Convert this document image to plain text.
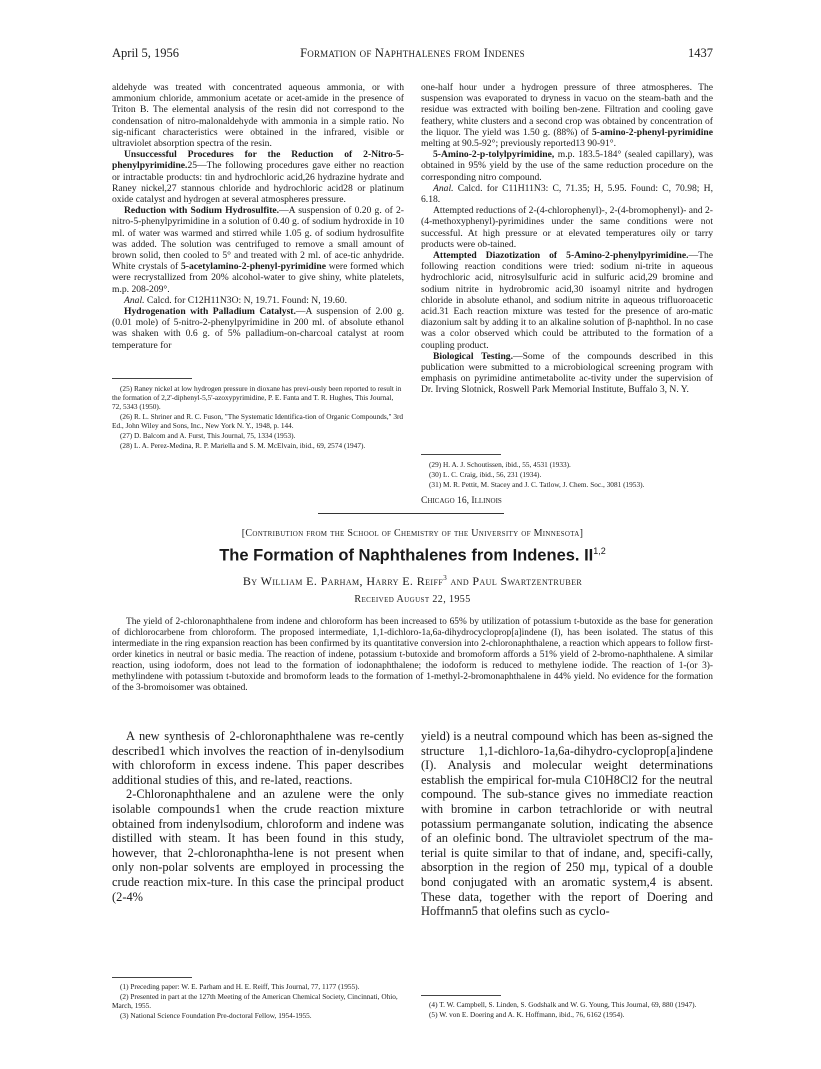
April 5, 1956	Formation of Naphthalenes from Indenes	1437

aldehyde was treated with concentrated aqueous ammonia, or with ammonium chloride, ammonium acetate or acet-amide in the presence of Triton B. The elemental analysis of the resin did not correspond to the condensation of nitro-malonaldehyde with ammonia in a simple ratio. No sig-nificant characteristics were obtained in the infrared, visible or ultraviolet absorption spectra of the resin.

Unsuccessful Procedures for the Reduction of 2-Nitro-5-phenylpyrimidine.25—The following procedures gave either no reaction or intractable products: tin and hydrochloric acid,26 hydrazine hydrate and Raney nickel,27 stannous chloride and hydrochloric acid28 or platinum oxide catalyst and hydrogen at several atmospheres pressure.

Reduction with Sodium Hydrosulfite.—A suspension of 0.20 g. of 2-nitro-5-phenylpyrimidine in a solution of 0.40 g. of sodium hydroxide in 10 ml. of water was warmed and stirred while 1.05 g. of sodium hydrosulfite was added. The solution was centrifuged to remove a small amount of brown solid, then cooled to 5° and treated with 2 ml. of ace-tic anhydride. White crystals of 5-acetylamino-2-phenyl-pyrimidine were formed which were recrystallized from 20% alcohol-water to give shiny, white platelets, m.p. 208-209°.

Anal. Calcd. for C12H11N3O: N, 19.71. Found: N, 19.60.

Hydrogenation with Palladium Catalyst.—A suspension of 2.00 g. (0.01 mole) of 5-nitro-2-phenylpyrimidine in 200 ml. of absolute ethanol was shaken with 0.6 g. of 5% palladium-on-charcoal catalyst at room temperature for

(25) Raney nickel at low hydrogen pressure in dioxane has previ-ously been reported to result in the formation of 2,2'-diphenyl-5,5'-azoxypyrimidine, P. E. Fanta and T. R. Hughes, This Journal, 72, 5343 (1950).

(26) R. L. Shriner and R. C. Fuson, "The Systematic Identifica-tion of Organic Compounds," 3rd Ed., John Wiley and Sons, Inc., New York N. Y., 1948, p. 144.

(27) D. Balcom and A. Furst, This Journal, 75, 1334 (1953).

(28) L. A. Perez-Medina, R. P. Mariella and S. M. McElvain, ibid., 69, 2574 (1947).

one-half hour under a hydrogen pressure of three atmospheres. The suspension was evaporated to dryness in vacuo on the steam-bath and the residue was extracted with boiling ben-zene. Filtration and cooling gave feathery, white clusters and a second crop was obtained by concentration of the liquor. The yield was 1.50 g. (88%) of 5-amino-2-phenyl-pyrimidine melting at 90.5-92°; previously reported13 90-91°.

5-Amino-2-p-tolylpyrimidine, m.p. 183.5-184° (sealed capillary), was obtained in 95% yield by the use of the same reduction procedure on the corresponding nitro compound.

Anal. Calcd. for C11H11N3: C, 71.35; H, 5.95. Found: C, 70.98; H, 6.18.

Attempted reductions of 2-(4-chlorophenyl)-, 2-(4-bromophenyl)- and 2-(4-methoxyphenyl)-pyrimidines under the same conditions were not successful. At high pressure or at elevated temperatures oily or tarry products were ob-tained.

Attempted Diazotization of 5-Amino-2-phenylpyrimidine.—The following reaction conditions were tried: sodium ni-trite in aqueous hydrochloric acid, nitrosylsulfuric acid in sulfuric acid,29 bromine and sodium nitrite in hydrobromic acid,30 isoamyl nitrite and hydrogen chloride in absolute ethanol, and sodium nitrite in aqueous trifluoroacetic acid.31 Each reaction mixture was tested for the presence of aro-matic diazonium salt by adding it to an alkaline solution of β-naphthol. In no case was a color observed which could be attributed to the formation of a coupling product.

Biological Testing.—Some of the compounds described in this publication were submitted to a microbiological screening program with emphasis on pyrimidine antimetabolite ac-tivity under the supervision of Dr. Irving Slotnick, Roswell Park Memorial Institute, Buffalo 3, N. Y.

(29) H. A. J. Schoutissen, ibid., 55, 4531 (1933).

(30) L. C. Craig, ibid., 56, 231 (1934).

(31) M. R. Pettit, M. Stacey and J. C. Tatlow, J. Chem. Soc., 3081 (1953).

Chicago 16, Illinois
[Contribution from the School of Chemistry of the University of Minnesota]
The Formation of Naphthalenes from Indenes. II$^{1,2}$
By William E. Parham, Harry E. Reiff$^3$ and Paul Swartzentruber
Received August 22, 1955
The yield of 2-chloronaphthalene from indene and chloroform has been increased to 65% by utilization of potassium t-butoxide as the base for generation of dichlorocarbene from chloroform. The proposed intermediate, 1,1-dichloro-1a,6a-dihydrocycloprop[a]indene (I), has been isolated. The status of this intermediate in the ring expansion reaction has been confirmed by its quantitative conversion into 2-chloronaphthalene, a reaction which appears to follow first-order kinetics in neutral or basic media. The reaction of indene, potassium t-butoxide and bromoform affords a 51% yield of 2-bromo-naphthalene. A similar reaction, using iodoform, does not lead to the formation of iodonaphthalene; the iodoform is reduced to methylene iodide. The reaction of 1-(or 3)-methylindene with potassium t-butoxide and bromoform leads to the formation of 1-methyl-2-bromonaphthalene in 44% yield. No evidence for the formation of the 3-bromoisomer was obtained.

A new synthesis of 2-chloronaphthalene was re-cently described1 which involves the reaction of in-denylsodium with chloroform in excess indene. This paper describes additional studies of this, and re-lated, reactions.

2-Chloronaphthalene and an azulene were the only isolable compounds1 when the crude reaction mixture obtained from indenylsodium, chloroform and indene was distilled with steam. It has been found in this study, however, that 2-chloronaphtha-lene is not present when only non-polar solvents are employed in processing the crude reaction mix-ture. In this case the principal product (2-4%

yield) is a neutral compound which has been as-signed the structure 1,1-dichloro-1a,6a-dihydro-cycloprop[a]indene (I). Analysis and molecular weight determinations establish the empirical for-mula C10H8Cl2 for the neutral compound. The sub-stance gives no immediate reaction with bromine in carbon tetrachloride or with neutral potassium permanganate solution, indicating the absence of an olefinic bond. The ultraviolet spectrum of the ma-terial is quite similar to that of indane, and, specifi-cally, absorption in the region of 250 mμ, typical of a double bond conjugated with an aromatic system,4 is absent. These data, together with the report of Doering and Hoffmann5 that olefins such as cyclo-

(1) Preceding paper: W. E. Parham and H. E. Reiff, This Journal, 77, 1177 (1955).

(2) Presented in part at the 127th Meeting of the American Chemical Society, Cincinnati, Ohio, March, 1955.

(3) National Science Foundation Pre-doctoral Fellow, 1954-1955.

(4) T. W. Campbell, S. Linden, S. Godshalk and W. G. Young, This Journal, 69, 880 (1947).

(5) W. von E. Doering and A. K. Hoffmann, ibid., 76, 6162 (1954).
